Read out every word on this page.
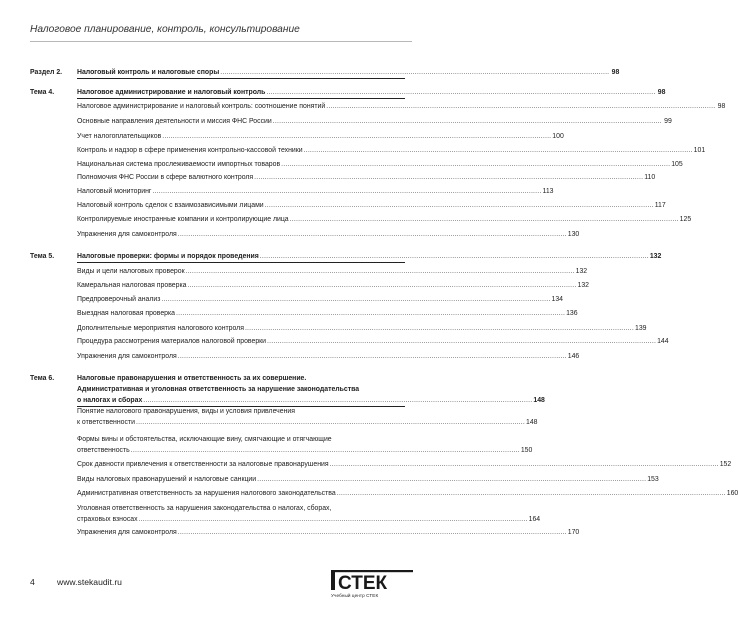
Налоговое планирование, контроль, консультирование
Раздел 2.	Налоговый контроль и налоговые споры ........................................................................................................................................................................................ 98
Тема 4.	Налоговое администрирование и налоговый контроль ........................................................................................................................................................................................ 98
Налоговое администрирование и налоговый контроль: соотношение понятий ........................................................................................................................................................................................ 98
Основные направления деятельности и миссия ФНС России ........................................................................................................................................................................................ 99
Учет налогоплательщиков ........................................................................................................................................................................................ 100
Контроль и надзор в сфере применения контрольно-кассовой техники ........................................................................................................................................................................................ 101
Национальная система прослеживаемости импортных товаров ........................................................................................................................................................................................ 105
Полномочия ФНС России в сфере валютного контроля ........................................................................................................................................................................................ 110
Налоговый мониторинг ........................................................................................................................................................................................ 113
Налоговый контроль сделок с взаимозависимыми лицами ........................................................................................................................................................................................ 117
Контролируемые иностранные компании и контролирующие лица ........................................................................................................................................................................................ 125
Упражнения для самоконтроля ........................................................................................................................................................................................ 130
Тема 5.	Налоговые проверки: формы и порядок проведения ........................................................................................................................................................................................ 132
Виды и цели налоговых проверок ........................................................................................................................................................................................ 132
Камеральная налоговая проверка ........................................................................................................................................................................................ 132
Предпроверочный анализ ........................................................................................................................................................................................ 134
Выездная налоговая проверка ........................................................................................................................................................................................ 136
Дополнительные мероприятия налогового контроля ........................................................................................................................................................................................ 139
Процедура рассмотрения материалов налоговой проверки ........................................................................................................................................................................................ 144
Упражнения для самоконтроля ........................................................................................................................................................................................ 146
Тема 6.	Налоговые правонарушения и ответственность за их совершение.
Административная и уголовная ответственность за нарушение законодательства
о налогах и сборах ........................................................................................................................................................................................ 148
Понятие налогового правонарушения, виды и условия привлечения
к ответственности ........................................................................................................................................................................................ 148
Формы вины и обстоятельства, исключающие вину, смягчающие и отягчающие
ответственность ........................................................................................................................................................................................ 150
Срок давности привлечения к ответственности за налоговые правонарушения ........................................................................................................................................................................................ 152
Виды налоговых правонарушений и налоговые санкции ........................................................................................................................................................................................ 153
Административная ответственность за нарушения налогового законодательства ........................................................................................................................................................................................ 160
Уголовная ответственность за нарушения законодательства о налогах, сборах,
страховых взносах ........................................................................................................................................................................................ 164
Упражнения для самоконтроля ........................................................................................................................................................................................ 170
4	www.stekaudit.ru	СТЕК
Учебный центр СТЕК
